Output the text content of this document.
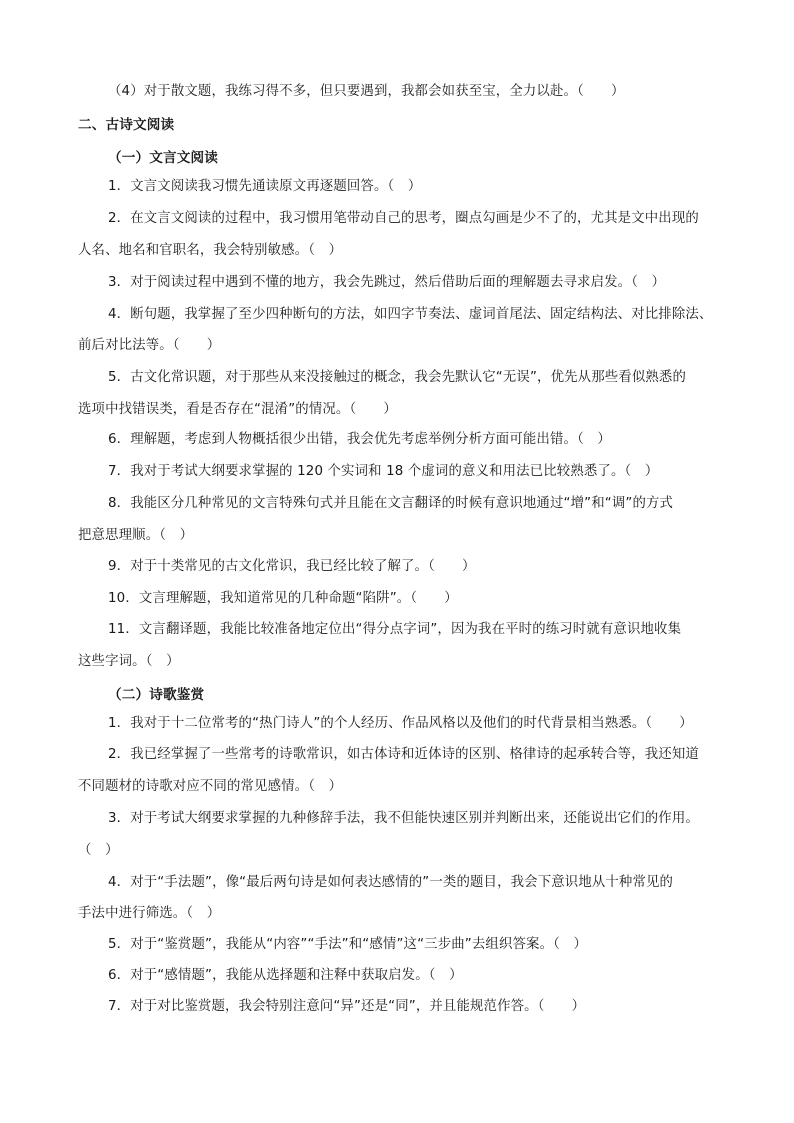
（4）对于散文题，我练习得不多，但只要遇到，我都会如获至宝，全力以赴。（　　）
二、古诗文阅读
（一）文言文阅读
1．文言文阅读我习惯先通读原文再逐题回答。（　）
2．在文言文阅读的过程中，我习惯用笔带动自己的思考，圈点勾画是少不了的，尤其是文中出现的
人名、地名和官职名，我会特别敏感。（　）
3．对于阅读过程中遇到不懂的地方，我会先跳过，然后借助后面的理解题去寻求启发。（　）
4．断句题，我掌握了至少四种断句的方法，如四字节奏法、虚词首尾法、固定结构法、对比排除法、
前后对比法等。（　　）
5．古文化常识题，对于那些从来没接触过的概念，我会先默认它“无误”，优先从那些看似熟悉的
选项中找错误类，看是否存在“混淆”的情况。（　　）
6．理解题，考虑到人物概括很少出错，我会优先考虑举例分析方面可能出错。（　）
7．我对于考试大纲要求掌握的 120 个实词和 18 个虚词的意义和用法已比较熟悉了。（　）
8．我能区分几种常见的文言特殊句式并且能在文言翻译的时候有意识地通过“增”和“调”的方式
把意思理顺。（　）
9．对于十类常见的古文化常识，我已经比较了解了。（　　）
10．文言理解题，我知道常见的几种命题“陷阱”。（　　）
11．文言翻译题，我能比较准备地定位出“得分点字词”，因为我在平时的练习时就有意识地收集
这些字词。（　）
（二）诗歌鉴赏
1．我对于十二位常考的“热门诗人”的个人经历、作品风格以及他们的时代背景相当熟悉。（　　）
2．我已经掌握了一些常考的诗歌常识，如古体诗和近体诗的区别、格律诗的起承转合等，我还知道
不同题材的诗歌对应不同的常见感情。（　）
3．对于考试大纲要求掌握的九种修辞手法，我不但能快速区别并判断出来，还能说出它们的作用。
（　）
4．对于“手法题”，像“最后两句诗是如何表达感情的”一类的题目，我会下意识地从十种常见的
手法中进行筛选。（　）
5．对于“鉴赏题”，我能从“内容”“手法”和“感情”这“三步曲”去组织答案。（　）
6．对于“感情题”，我能从选择题和注释中获取启发。（　）
7．对于对比鉴赏题，我会特别注意问“异”还是“同”，并且能规范作答。（　　）
